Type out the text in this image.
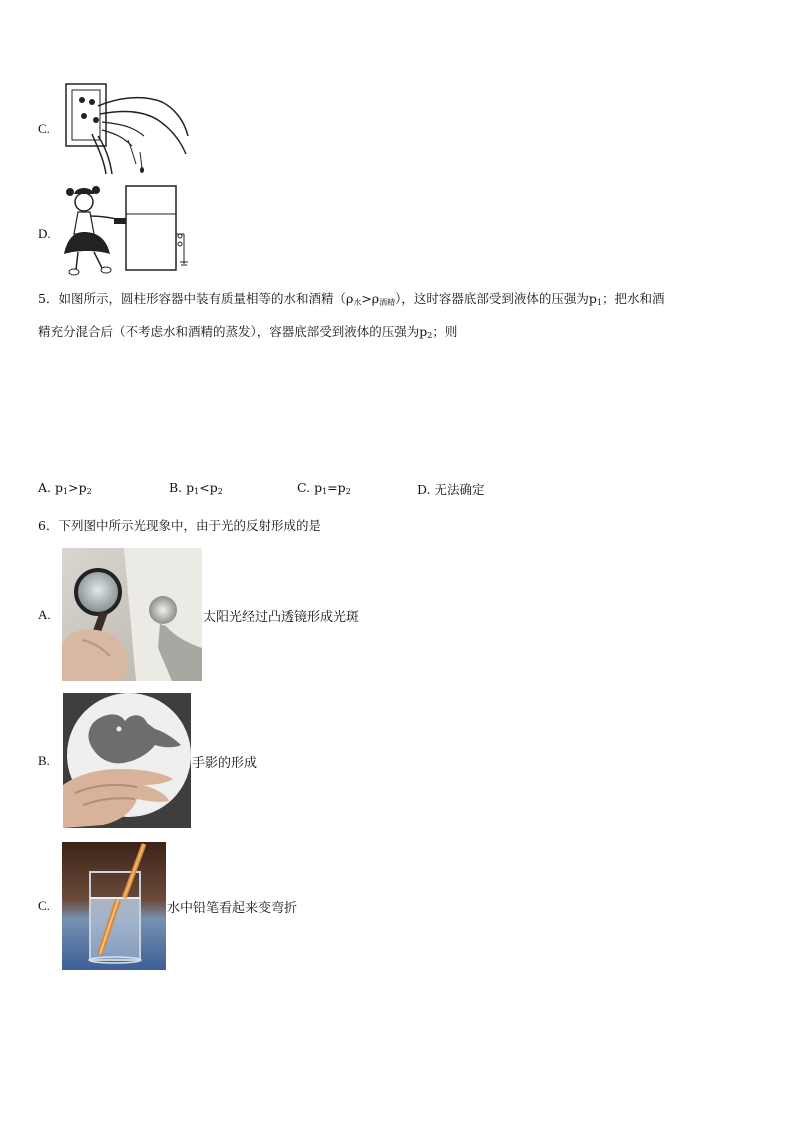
C.
D.
5．如图所示，圆柱形容器中装有质量相等的水和酒精$(\rho_水>\rho_{酒精})$，这时容器底部受到液体的压强为$p_1$；把水和酒
精充分混合后（不考虑水和酒精的蒸发），容器底部受到液体的压强为$p_2$；则
A. $p_1>p_2$	B. $p_1<p_2$	C. $p_1=p_2$	D. 无法确定
6．下列图中所示光现象中，由于光的反射形成的是
A.	太阳光经过凸透镜形成光斑
B.	手影的形成
C.	水中铅笔看起来变弯折
